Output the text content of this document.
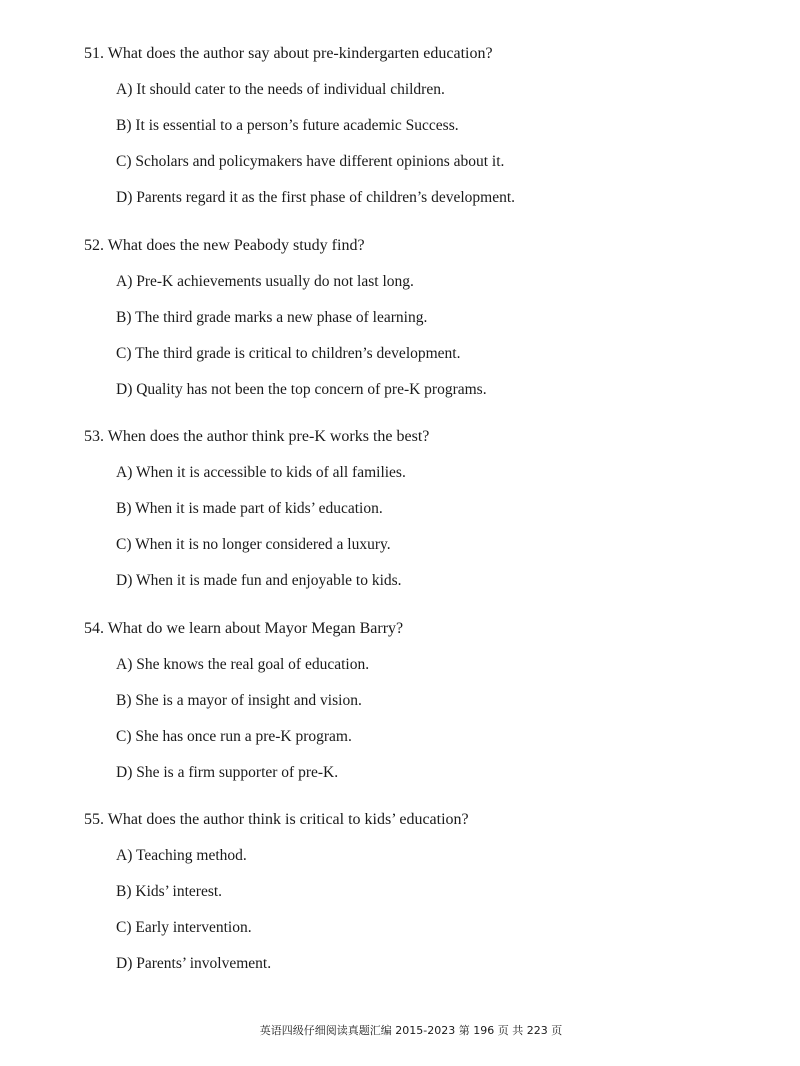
51. What does the author say about pre-kindergarten education?
A) It should cater to the needs of individual children.
B) It is essential to a person’s future academic Success.
C) Scholars and policymakers have different opinions about it.
D) Parents regard it as the first phase of children’s development.
52. What does the new Peabody study find?
A) Pre-K achievements usually do not last long.
B) The third grade marks a new phase of learning.
C) The third grade is critical to children’s development.
D) Quality has not been the top concern of pre-K programs.
53. When does the author think pre-K works the best?
A) When it is accessible to kids of all families.
B) When it is made part of kids’ education.
C) When it is no longer considered a luxury.
D) When it is made fun and enjoyable to kids.
54. What do we learn about Mayor Megan Barry?
A) She knows the real goal of education.
B) She is a mayor of insight and vision.
C) She has once run a pre-K program.
D) She is a firm supporter of pre-K.
55. What does the author think is critical to kids’ education?
A) Teaching method.
B) Kids’ interest.
C) Early intervention.
D) Parents’ involvement.
英语四级仔细阅读真题汇编 2015-2023 第 196 页 共 223 页
